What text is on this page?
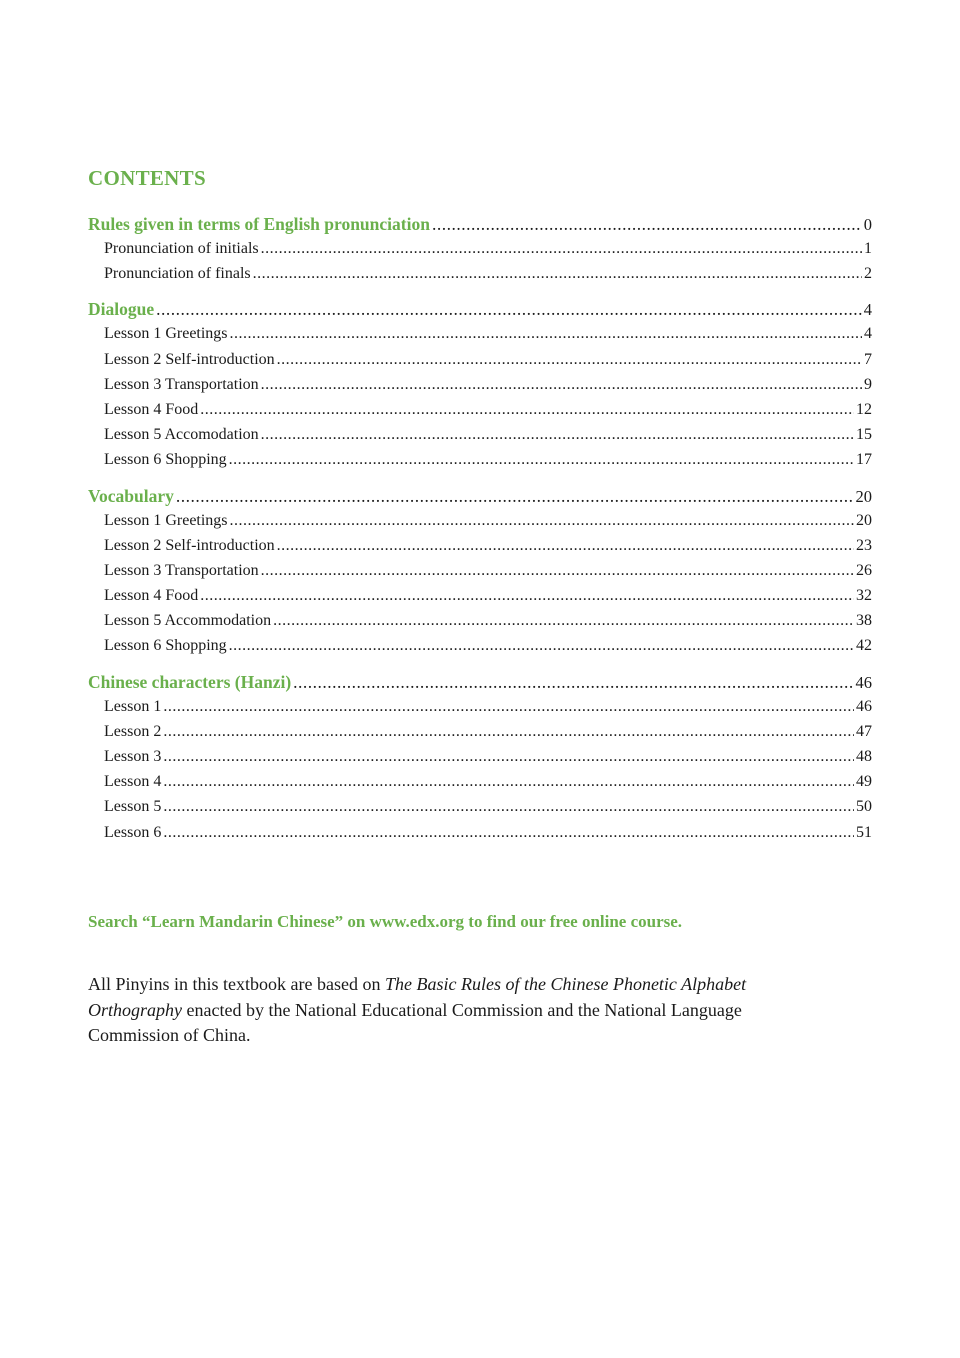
CONTENTS
Rules given in terms of English pronunciation .....	0
Pronunciation of initials .....	1
Pronunciation of finals .....	2
Dialogue .....	4
Lesson 1 Greetings .....	4
Lesson 2 Self-introduction .....	7
Lesson 3 Transportation .....	9
Lesson 4 Food .....	12
Lesson 5 Accomodation .....	15
Lesson 6 Shopping .....	17
Vocabulary .....	20
Lesson 1 Greetings .....	20
Lesson 2 Self-introduction .....	23
Lesson 3 Transportation .....	26
Lesson 4 Food .....	32
Lesson 5 Accommodation .....	38
Lesson 6 Shopping .....	42
Chinese characters (Hanzi) .....	46
Lesson 1 .....	46
Lesson 2 .....	47
Lesson 3 .....	48
Lesson 4 .....	49
Lesson 5 .....	50
Lesson 6 .....	51
Search “Learn Mandarin Chinese” on www.edx.org to find our free online course.
All Pinyins in this textbook are based on The Basic Rules of the Chinese Phonetic Alphabet Orthography enacted by the National Educational Commission and the National Language Commission of China.
